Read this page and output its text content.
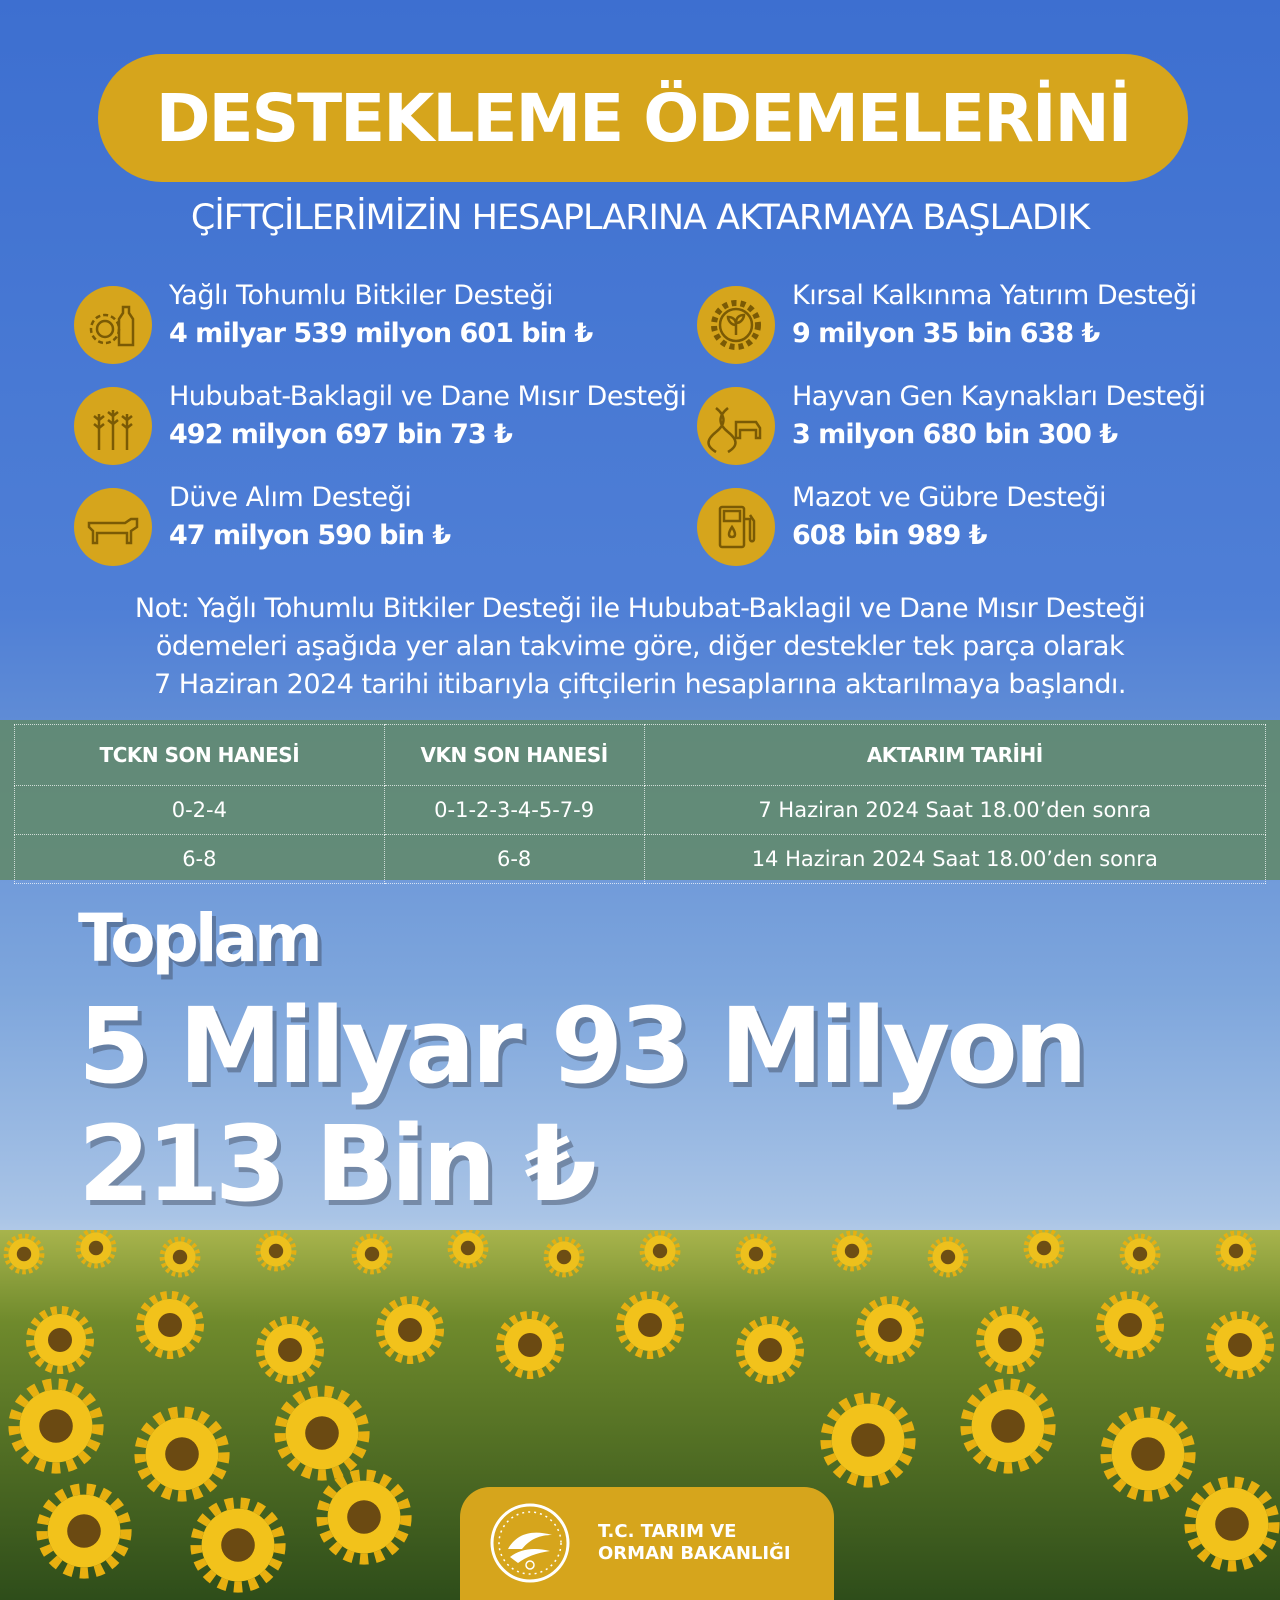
DESTEKLEME ÖDEMELERİNİ
ÇİFTÇİLERİMİZİN HESAPLARINA AKTARMAYA BAŞLADIK
Yağlı Tohumlu Bitkiler Desteği
4 milyar 539 milyon 601 bin ₺
Kırsal Kalkınma Yatırım Desteği
9 milyon 35 bin 638 ₺
Hububat-Baklagil ve Dane Mısır Desteği
492 milyon 697 bin 73 ₺
Hayvan Gen Kaynakları Desteği
3 milyon 680 bin 300 ₺
Düve Alım Desteği
47 milyon 590 bin ₺
Mazot ve Gübre Desteği
608 bin 989 ₺
Not: Yağlı Tohumlu Bitkiler Desteği ile Hububat-Baklagil ve Dane Mısır Desteği
ödemeleri aşağıda yer alan takvime göre, diğer destekler tek parça olarak
7 Haziran 2024 tarihi itibarıyla çiftçilerin hesaplarına aktarılmaya başlandı.
TCKN SON HANESİ	VKN SON HANESİ	AKTARIM TARİHİ
0-2-4	0-1-2-3-4-5-7-9	7 Haziran 2024 Saat 18.00’den sonra
6-8	6-8	14 Haziran 2024 Saat 18.00’den sonra
Toplam
5 Milyar 93 Milyon
213 Bin ₺
T.C. TARIM VE
ORMAN BAKANLIĞI
